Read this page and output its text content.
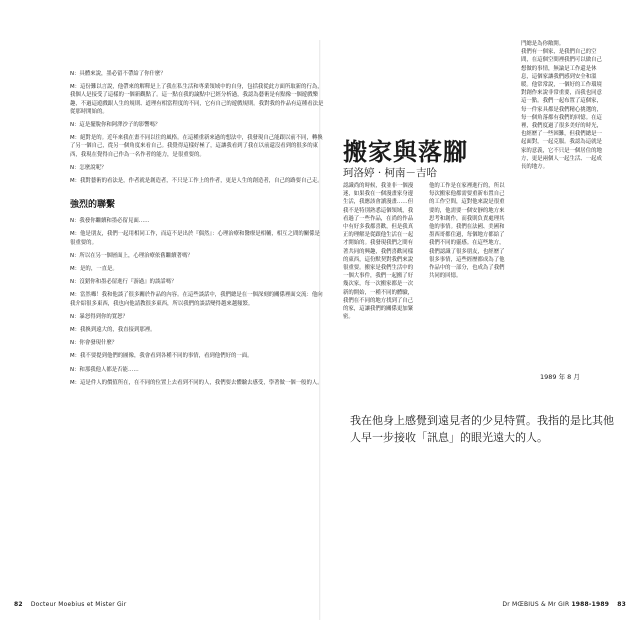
N：具體來說，墨必留不帶給了你什麼？

M：這份難以言說，他帶來的解釋是上了我在私生活和專業領域中的自身，包括我從此方面所取新的行為，我個人是接受了這樣的一個新觀點了。這一點在我的論點中已經分析過，我認為藝術是有點像一個遊戲樂趣，不過這遊戲跟人生的規則、道理有相當程度的不同，它有自己的遊戲規則。我對我的作品有這種看法是從那時開始的。

N：這是擺脫你和阿澤沙子的影響嗎？

M：絕對是的。近年來我在畫不同以往的風格。在這種重新來過的想法中，我發現自己能跟以前不同，轉換了另一個自己，從另一個角度來看自己。我覺得這樣好極了，這讓我看到了我在以前還沒看到的很多的東西，我現在覺得自己作為一名作者的能力，是很重要的。

N：怎麼說呢？

M：我對藝術的看法是，作者就是創造者，不只是工作上的作者，更是人生的創造者，自己的路要自己走。

強烈的聯繫

N：我發你繼續和墨必留見面……

M：他是朋友，我們一起用相同工作，而這不是出於『偶然』：心理治療和醫療是相輔，相互之間的關係是很重要的。

N：所以在另一個層面上，心理治療依舊繼續著嗎？

M：是的，一直是。

N：沒錯你和墨必留進行『游過』的談話嗎？

M：當然囉！我和他談了很多關於作品的內容。在這些談話中，我們總是在一個深刻的關係裡面交流：他向我介紹很多東西，我也向他請教很多東西，所以我們的談話變得越來越頻繁。

N：暴怒得到你的寬恕？

M：我換到遠大的，我直接到那裡。

N：你會發現什麼？

M：我不要提到他們的圖像，我會看到各種不同的事情，看到他們好的一面。

N：和那我他人都是否能……

M：這是件人的價值所在，在不同的位置上去看到不同的人，我們要去體驗去感受，學著做一個一般的人。

82 Docteur Moebius et Mister Gir
搬家與落腳
珂洛婷 · 柯南－吉哈
認識尚的時候，我並非一個漫迷，如果我在一個漫畫家身邊生活，我應該會讀漫畫……但我不是特別熟悉這個領域，我看過了一些作品，在尚的作品中有好多我都喜歡，但是我真正的理解是從跟他生活在一起才開始的。我發現我們之間有著共同的興趣，我們喜歡同樣的東西，這份默契對我們來說很重要。搬家是我們生活中的一個大事件，我們一起搬了好幾次家，每一次搬家都是一次新的開始，一種不同的體驗，我們在不同的地方找到了自己的家，這讓我們的關係更加緊密。
他的工作是在家裡進行的，所以每次搬家他都需要重新布置自己的工作空間，這對他來說是很重要的，他需要一個安靜的地方來思考和創作，而我則負責處理其他的事情。我們在法國、美國和墨西哥都住過，每個地方都給了我們不同的靈感。在這些地方，我們認識了很多朋友，也經歷了很多事情，這些經歷都成為了他作品中的一部分，也成為了我們共同的回憶。
門總是為你敞開。
我們有一個家，是我們自己的空間，在這個空間裡我們可以做自己想做的事情，無論是工作還是休息，這個家讓我們感到安全和溫暖。他常常說，一個好的工作環境對創作來說非常重要，而我也同意這一點。我們一起布置了這個家，每一件家具都是我們精心挑選的，每一個角落都有我們的回憶。在這裡，我們度過了很多美好的時光，也經歷了一些困難，但我們總是一起面對，一起克服。我認為這就是家的意義，它不只是一個居住的地方，更是兩個人一起生活、一起成長的地方。
1989 年 8 月
我在他身上感覺到遠見者的少見特質。我指的是比其他人早一步接收「訊息」的眼光遠大的人。
Dr MŒBIUS & Mr GIR 1988-1989 83
